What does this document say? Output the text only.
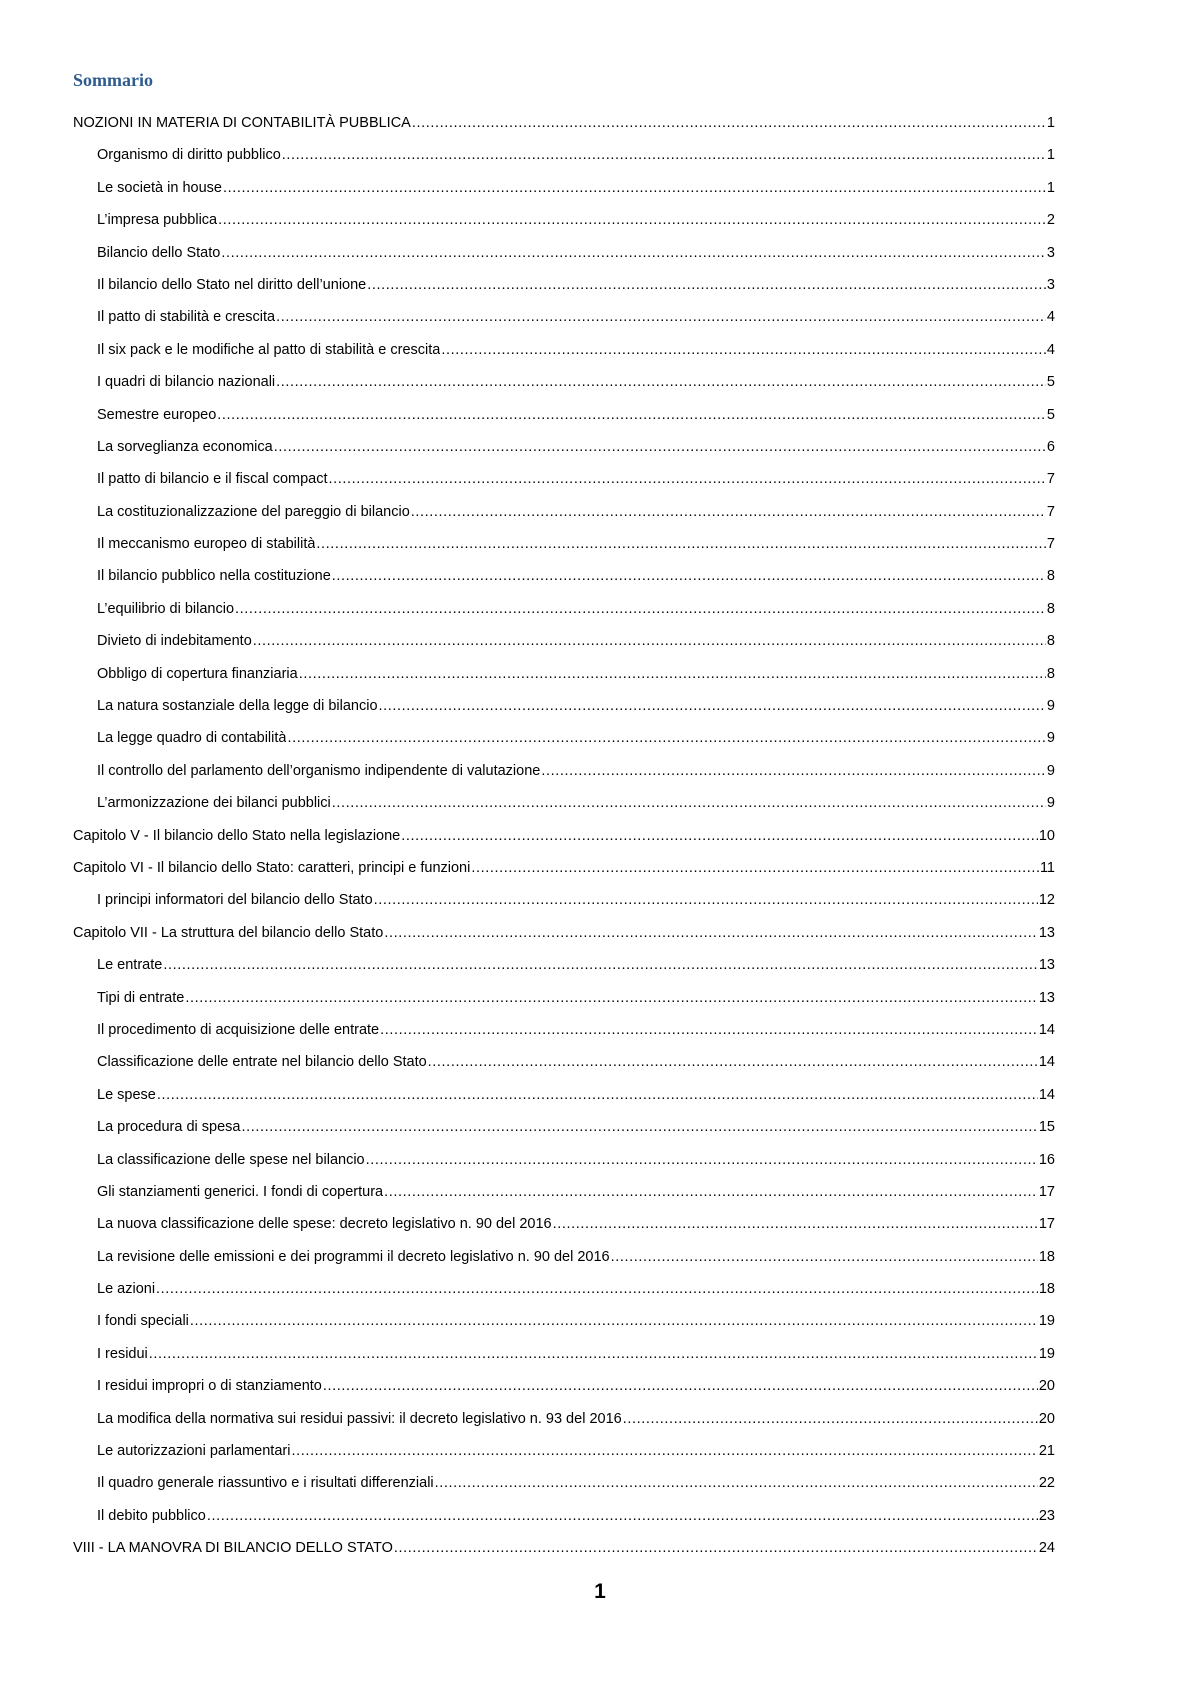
Sommario
NOZIONI IN MATERIA DI CONTABILITÀ PUBBLICA .....	1
Organismo di diritto pubblico .....	1
Le società in house .....	1
L’impresa pubblica .....	2
Bilancio dello Stato .....	3
Il bilancio dello Stato nel diritto dell’unione .....	3
Il patto di stabilità e crescita .....	4
Il six pack e le modifiche al patto di stabilità e crescita .....	4
I quadri di bilancio nazionali .....	5
Semestre europeo .....	5
La sorveglianza economica .....	6
Il patto di bilancio e il fiscal compact .....	7
La costituzionalizzazione del pareggio di bilancio .....	7
Il meccanismo europeo di stabilità .....	7
Il bilancio pubblico nella costituzione .....	8
L’equilibrio di bilancio .....	8
Divieto di indebitamento .....	8
Obbligo di copertura finanziaria .....	8
La natura sostanziale della legge di bilancio .....	9
La legge quadro di contabilità .....	9
Il controllo del parlamento dell’organismo indipendente di valutazione .....	9
L’armonizzazione dei bilanci pubblici .....	9
Capitolo V - Il bilancio dello Stato nella legislazione .....	10
Capitolo VI - Il bilancio dello Stato: caratteri, principi e funzioni .....	11
I principi informatori del bilancio dello Stato .....	12
Capitolo VII - La struttura del bilancio dello Stato .....	13
Le entrate .....	13
Tipi di entrate .....	13
Il procedimento di acquisizione delle entrate .....	14
Classificazione delle entrate nel bilancio dello Stato .....	14
Le spese .....	14
La procedura di spesa .....	15
La classificazione delle spese nel bilancio .....	16
Gli stanziamenti generici. I fondi di copertura .....	17
La nuova classificazione delle spese: decreto legislativo n. 90 del 2016 .....	17
La revisione delle emissioni e dei programmi il decreto legislativo n. 90 del 2016 .....	18
Le azioni .....	18
I fondi speciali .....	19
I residui .....	19
I residui impropri o di stanziamento .....	20
La modifica della normativa sui residui passivi: il decreto legislativo n. 93 del 2016 .....	20
Le autorizzazioni parlamentari .....	21
Il quadro generale riassuntivo e i risultati differenziali .....	22
Il debito pubblico .....	23
VIII - LA MANOVRA DI BILANCIO DELLO STATO .....	24
1
